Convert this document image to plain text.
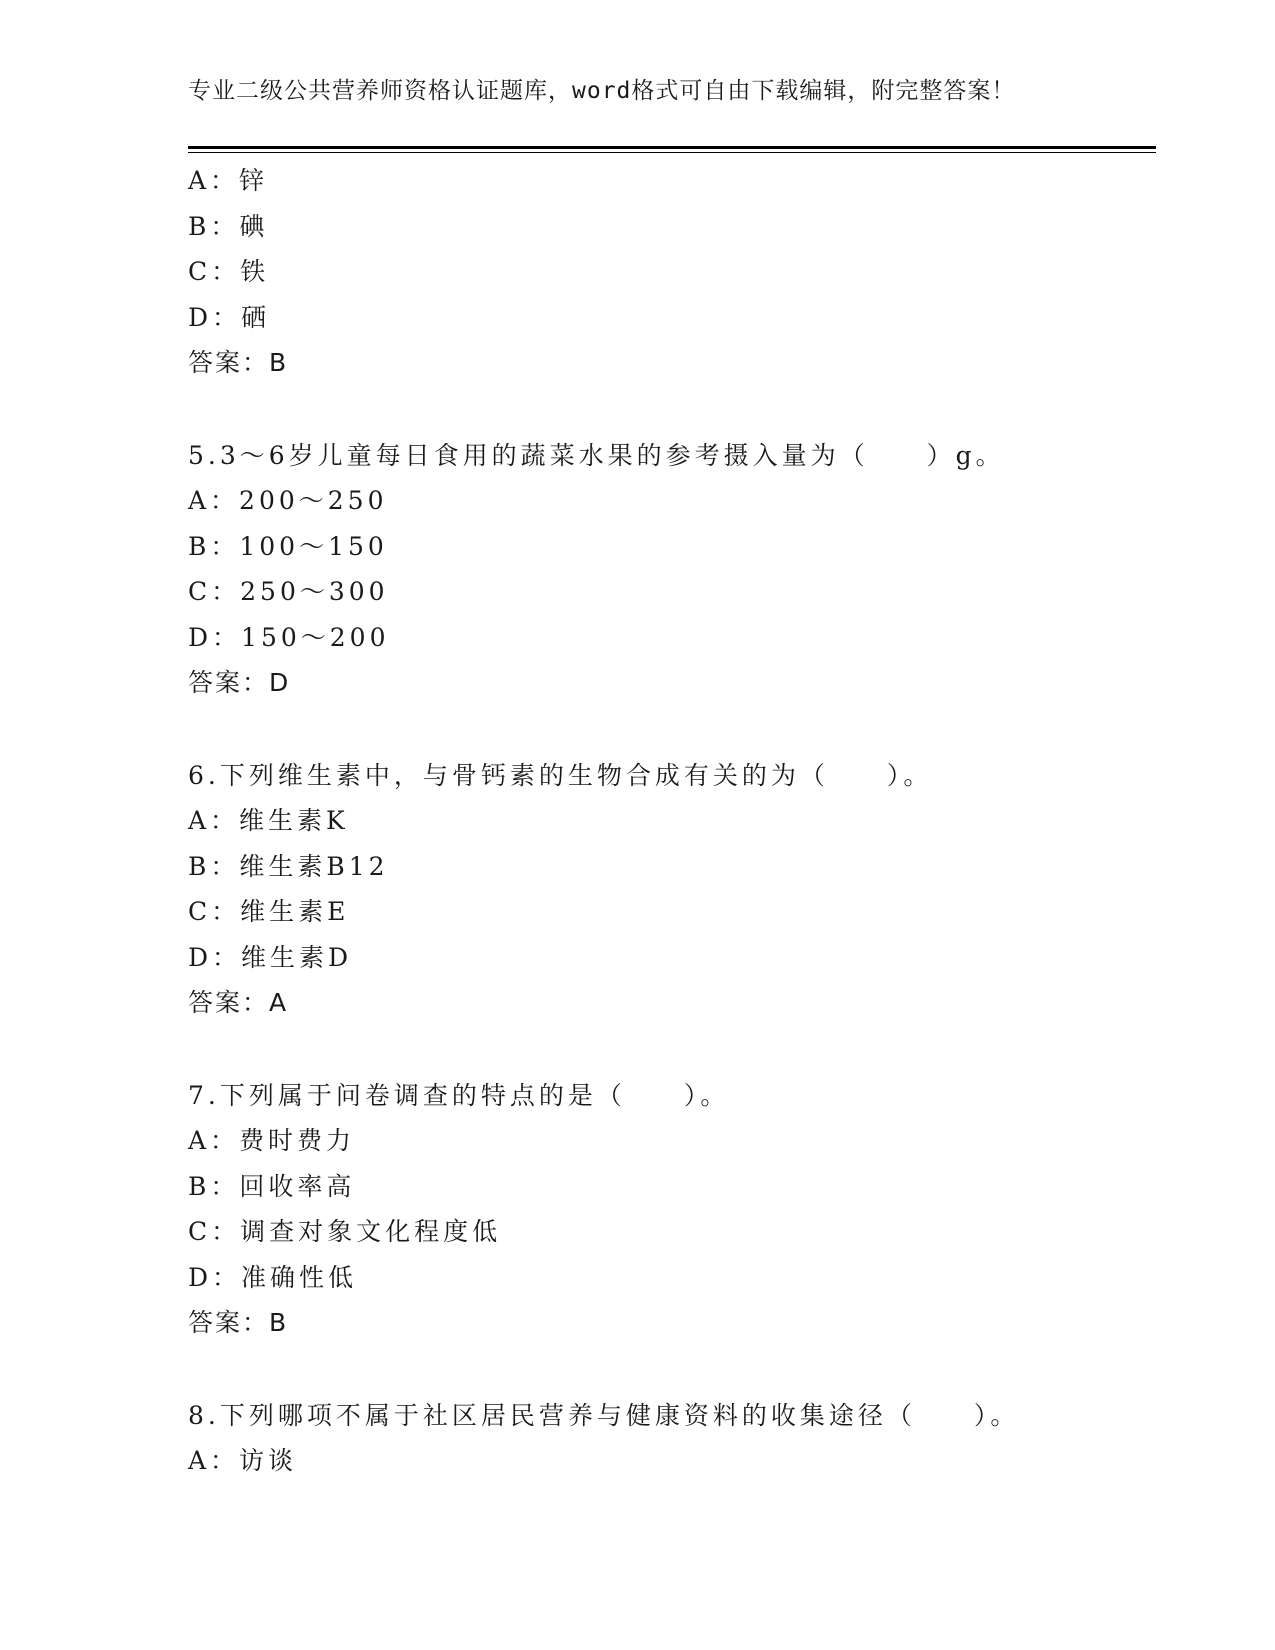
专业二级公共营养师资格认证题库，word格式可自由下载编辑，附完整答案！
A：锌
B：碘
C：铁
D：硒
答案：B
5.3～6岁儿童每日食用的蔬菜水果的参考摄入量为（　　）g。
A：200～250
B：100～150
C：250～300
D：150～200
答案：D
6.下列维生素中，与骨钙素的生物合成有关的为（　　）。
A：维生素K
B：维生素B12
C：维生素E
D：维生素D
答案：A
7.下列属于问卷调查的特点的是（　　）。
A：费时费力
B：回收率高
C：调查对象文化程度低
D：准确性低
答案：B
8.下列哪项不属于社区居民营养与健康资料的收集途径（　　）。
A：访谈
